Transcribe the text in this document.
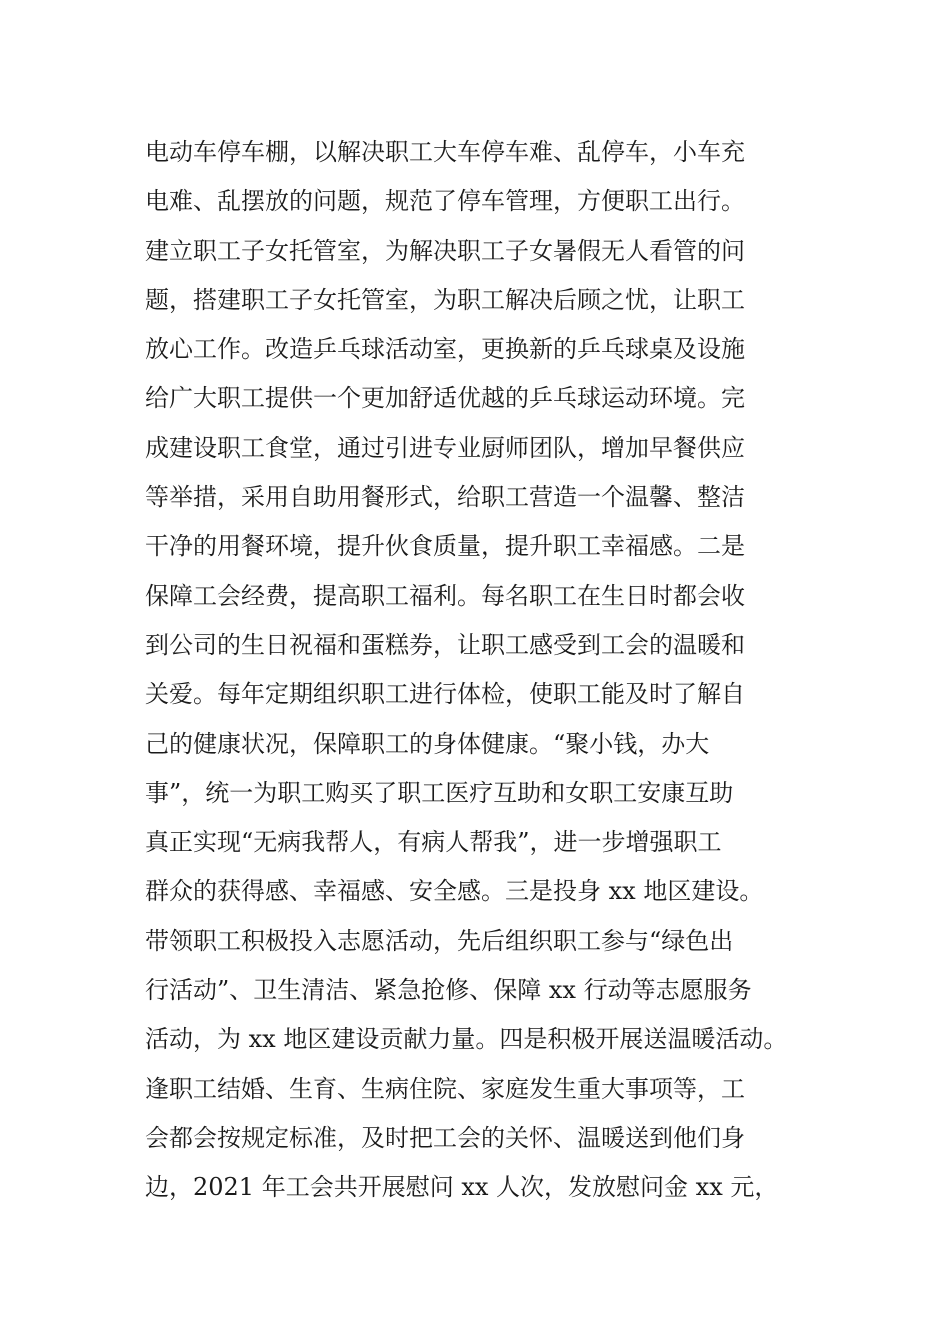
电动车停车棚，以解决职工大车停车难、乱停车，小车充
电难、乱摆放的问题，规范了停车管理，方便职工出行。
建立职工子女托管室，为解决职工子女暑假无人看管的问
题，搭建职工子女托管室，为职工解决后顾之忧，让职工
放心工作。改造乒乓球活动室，更换新的乒乓球桌及设施
给广大职工提供一个更加舒适优越的乒乓球运动环境。完
成建设职工食堂，通过引进专业厨师团队，增加早餐供应
等举措，采用自助用餐形式，给职工营造一个温馨、整洁
干净的用餐环境，提升伙食质量，提升职工幸福感。二是
保障工会经费，提高职工福利。每名职工在生日时都会收
到公司的生日祝福和蛋糕券，让职工感受到工会的温暖和
关爱。每年定期组织职工进行体检，使职工能及时了解自
己的健康状况，保障职工的身体健康。“聚小钱，办大
事”，统一为职工购买了职工医疗互助和女职工安康互助
真正实现“无病我帮人，有病人帮我”，进一步增强职工
群众的获得感、幸福感、安全感。三是投身 xx 地区建设。
带领职工积极投入志愿活动，先后组织职工参与“绿色出
行活动”、卫生清洁、紧急抢修、保障 xx 行动等志愿服务
活动，为 xx 地区建设贡献力量。四是积极开展送温暖活动。
逢职工结婚、生育、生病住院、家庭发生重大事项等，工
会都会按规定标准，及时把工会的关怀、温暖送到他们身
边，2021 年工会共开展慰问 xx 人次，发放慰问金 xx 元，
